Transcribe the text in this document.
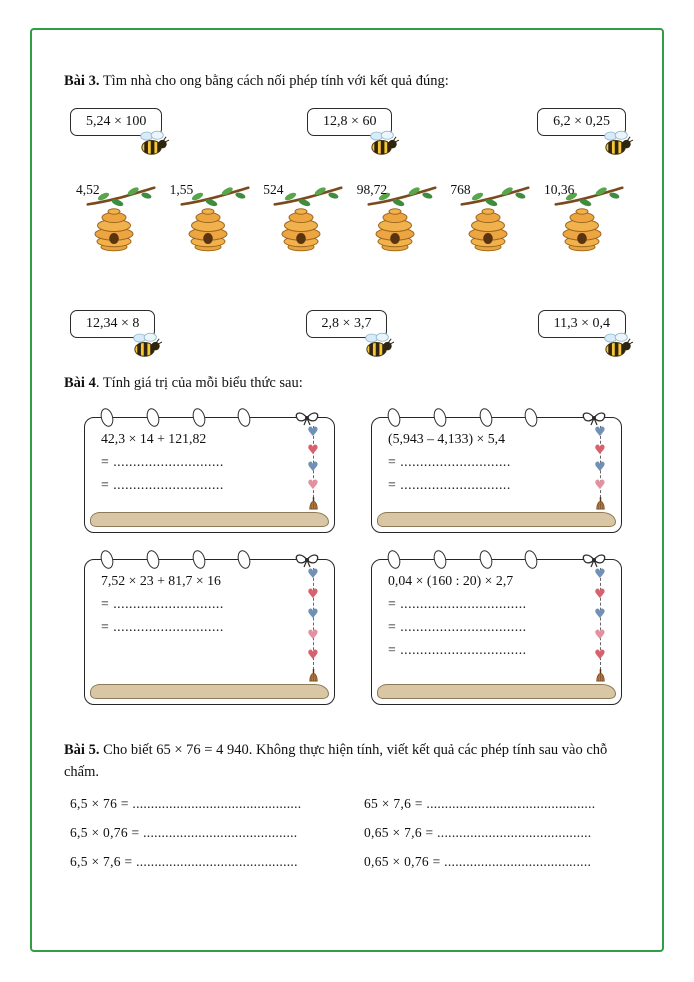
Bài 3. Tìm nhà cho ong bằng cách nối phép tính với kết quả đúng:

5,24 × 100	12,8 × 60	6,2 × 0,25
4,52	1,55	524	98,72	768	10,36
12,34 × 8	2,8 × 3,7	11,3 × 0,4

Bài 4. Tính giá trị của mỗi biểu thức sau:

42,3 × 14 + 121,82
= ............................
= ............................
♥
♥
♥
♥
(5,943 – 4,133) × 5,4
= ............................
= ............................
♥
♥
♥
♥
7,52 × 23 + 81,7 × 16
= ............................
= ............................
♥
♥
♥
♥
♥
0,04 × (160 : 20) × 2,7
= ................................
= ................................
= ................................
♥
♥
♥
♥
♥

Bài 5. Cho biết 65 × 76 = 4 940. Không thực hiện tính, viết kết quả các phép tính sau vào chỗ chấm.

6,5 × 76 = ..............................................	65 × 7,6 = ..............................................
6,5 × 0,76 = ..........................................	0,65 × 7,6 = ..........................................
6,5 × 7,6 = ............................................	0,65 × 0,76 = ........................................
